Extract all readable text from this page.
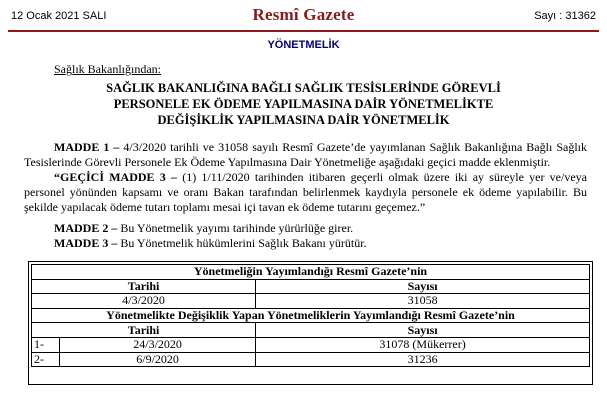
12 Ocak 2021 SALI	Resmî Gazete	Sayı : 31362
YÖNETMELİK
Sağlık Bakanlığından:
SAĞLIK BAKANLIĞINA BAĞLI SAĞLIK TESİSLERİNDE GÖREVLİ
PERSONELE EK ÖDEME YAPILMASINA DAİR YÖNETMELİKTE
DEĞİŞİKLİK YAPILMASINA DAİR YÖNETMELİK
MADDE 1 – 4/3/2020 tarihli ve 31058 sayılı Resmî Gazete’de yayımlanan Sağlık Bakanlığına Bağlı Sağlık Tesislerinde Görevli Personele Ek Ödeme Yapılmasına Dair Yönetmeliğe aşağıdaki geçici madde eklenmiştir.
“GEÇİCİ MADDE 3 – (1) 1/11/2020 tarihinden itibaren geçerli olmak üzere iki ay süreyle yer ve/veya personel yönünden kapsamı ve oranı Bakan tarafından belirlenmek kaydıyla personele ek ödeme yapılabilir. Bu şekilde yapılacak ödeme tutarı toplamı mesai içi tavan ek ödeme tutarını geçemez.”
MADDE 2 – Bu Yönetmelik yayımı tarihinde yürürlüğe girer.
MADDE 3 – Bu Yönetmelik hükümlerini Sağlık Bakanı yürütür.
Yönetmeliğin Yayımlandığı Resmî Gazete’nin		
Tarihi		Sayısı
4/3/2020		31058
Yönetmelikte Değişiklik Yapan Yönetmeliklerin Yayımlandığı Resmî Gazete’nin		
Tarihi		Sayısı
1-	24/3/2020	31078 (Mükerrer)
2-	6/9/2020	31236
